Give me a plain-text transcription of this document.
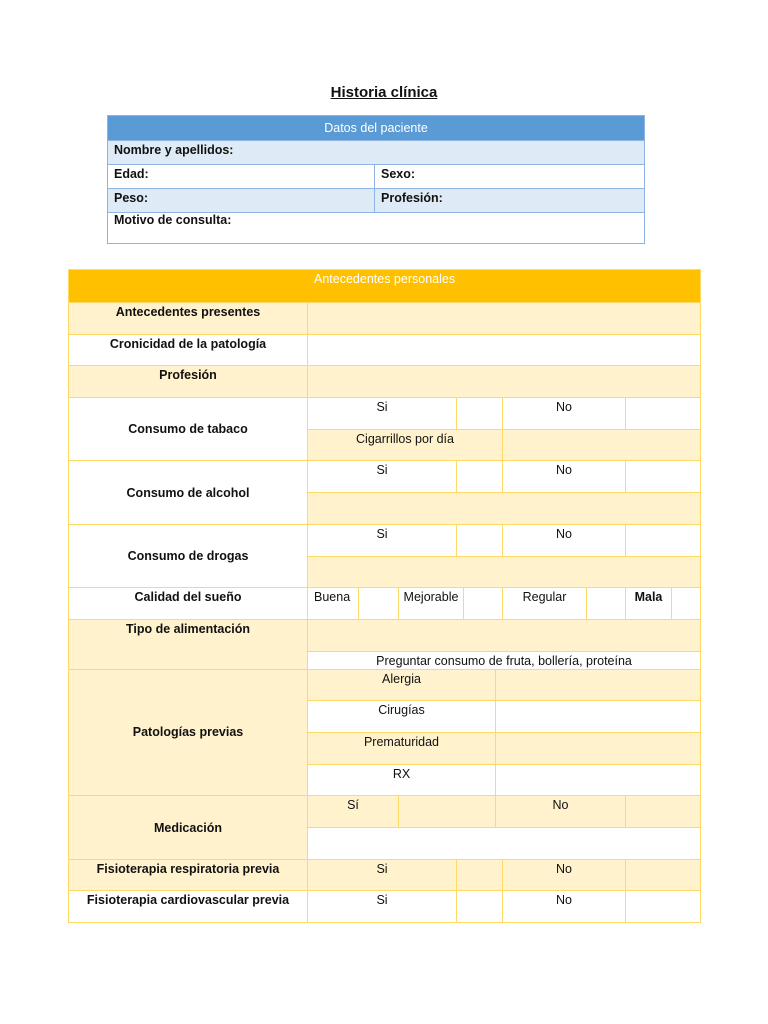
Historia clínica
Datos del paciente	
Nombre y apellidos:	
Edad:	Sexo:
Peso:	Profesión:
Motivo de consulta:	
Antecedentes personales										
Antecedentes presentes										
Cronicidad de la patología										
Profesión										
Consumo de tabaco	Si						No			
	Cigarrillos por día									
Consumo de alcohol	Si						No			

Consumo de drogas	Si						No			

Calidad del sueño	Buena		Mejorable				Regular		Mala	
Tipo de alimentación										
	Preguntar consumo de fruta, bollería, proteína									
Patologías previas	Alergia									
	Cirugías									
	Prematuridad									
	RX									
Medicación	Sí					No				

Fisioterapia respiratoria previa	Si						No			
Fisioterapia cardiovascular previa	Si						No			
